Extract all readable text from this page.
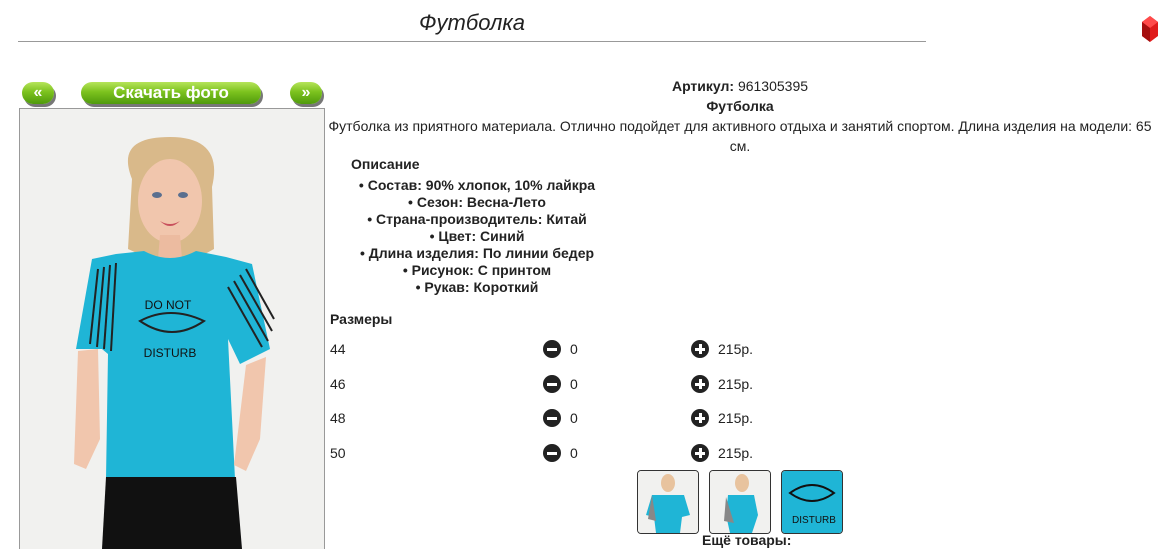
Футболка
«	Скачать фото	»
DO NOT
DISTURB
Артикул: 961305395
Футболка
Футболка из приятного материала. Отлично подойдет для активного отдыха и занятий спортом. Длина изделия на модели: 65 см.
Описание
• Состав: 90% хлопок, 10% лайкра
• Сезон: Весна-Лето
• Страна-производитель: Китай
• Цвет: Синий
• Длина изделия: По линии бедер
• Рисунок: С принтом
• Рукав: Короткий
Размеры
44	0	215р.
46	0	215р.
48	0	215р.
50	0	215р.
DISTURB
Ещё товары:
